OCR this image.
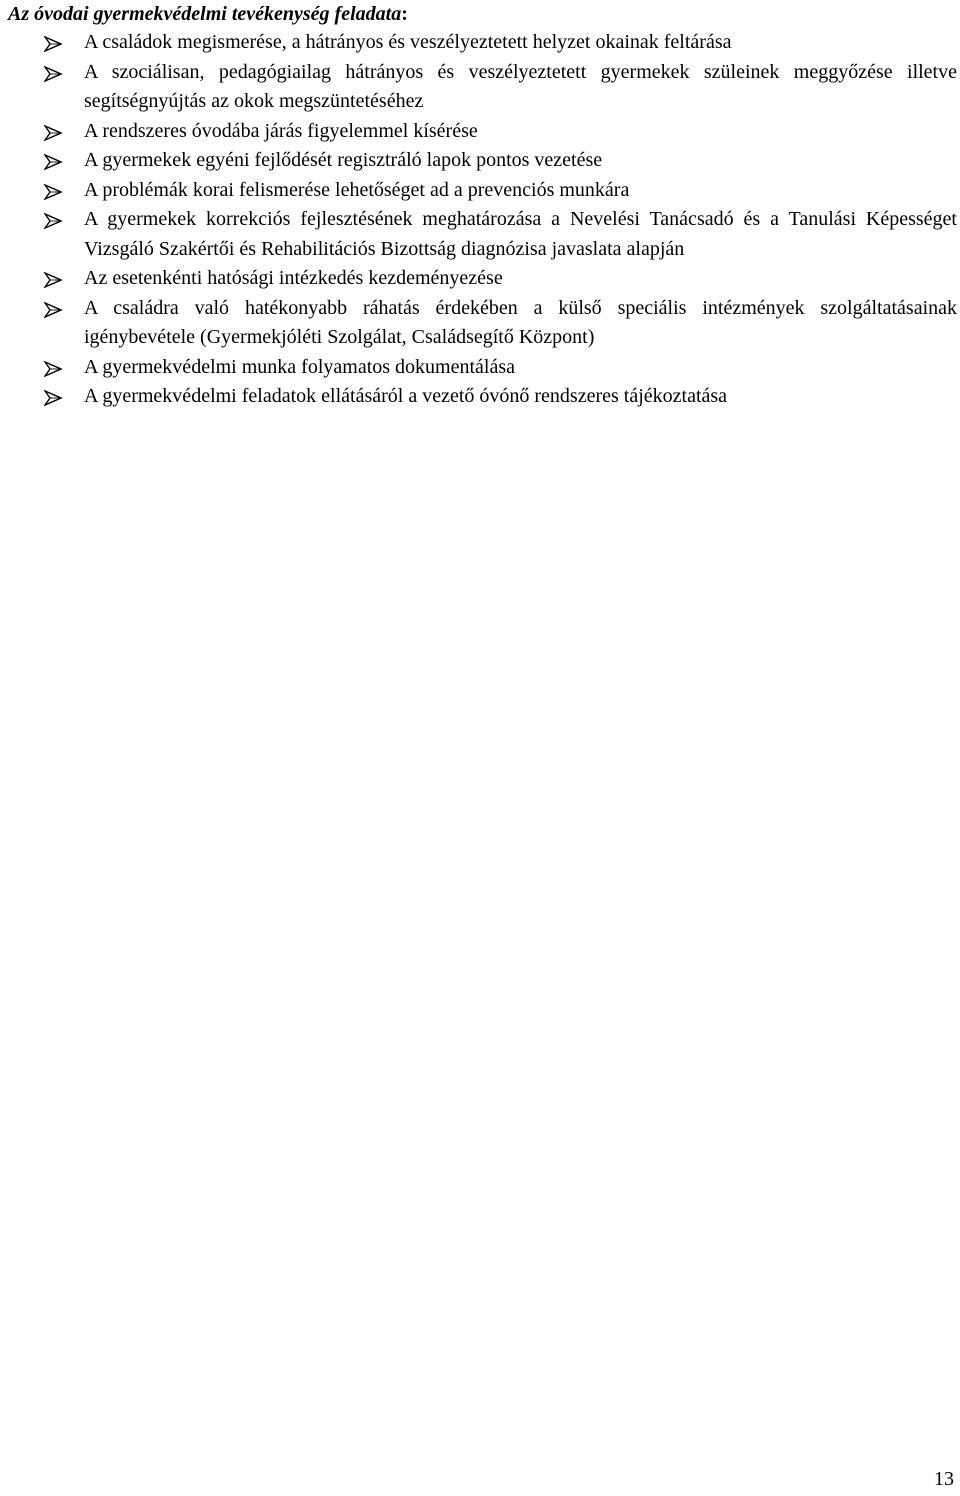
Az óvodai gyermekvédelmi tevékenység feladata:
A családok megismerése, a hátrányos és veszélyeztetett helyzet okainak feltárása
A szociálisan, pedagógiailag hátrányos és veszélyeztetett gyermekek szüleinek meggyőzése illetve segítségnyújtás az okok megszüntetéséhez
A rendszeres óvodába járás figyelemmel kísérése
A gyermekek egyéni fejlődését regisztráló lapok pontos vezetése
A problémák korai felismerése lehetőséget ad a prevenciós munkára
A gyermekek korrekciós fejlesztésének meghatározása a Nevelési Tanácsadó és a Tanulási Képességet Vizsgáló Szakértői és Rehabilitációs Bizottság diagnózisa javaslata alapján
Az esetenkénti hatósági intézkedés kezdeményezése
A családra való hatékonyabb ráhatás érdekében a külső speciális intézmények szolgáltatásainak igénybevétele (Gyermekjóléti Szolgálat, Családsegítő Központ)
A gyermekvédelmi munka folyamatos dokumentálása
A gyermekvédelmi feladatok ellátásáról a vezető óvónő rendszeres tájékoztatása
13
